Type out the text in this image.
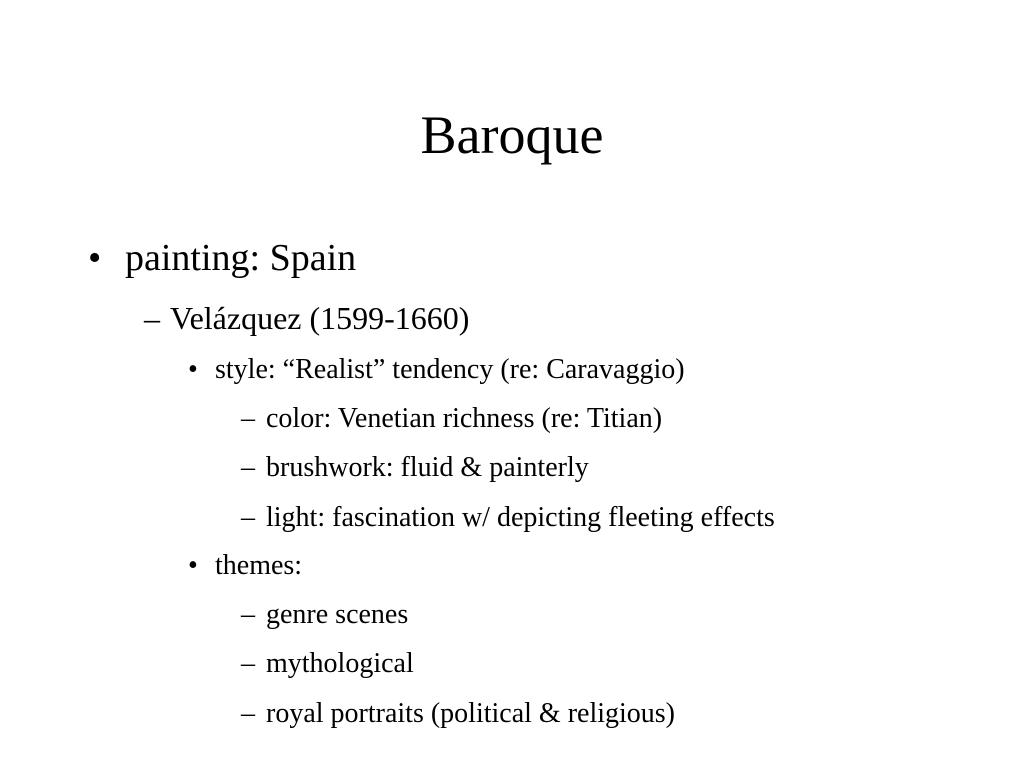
Baroque
• painting: Spain
– Velázquez (1599-1660)
• style: “Realist” tendency (re: Caravaggio)
– color: Venetian richness (re: Titian)
– brushwork: fluid & painterly
– light: fascination w/ depicting fleeting effects
• themes:
– genre scenes
– mythological
– royal portraits (political & religious)
